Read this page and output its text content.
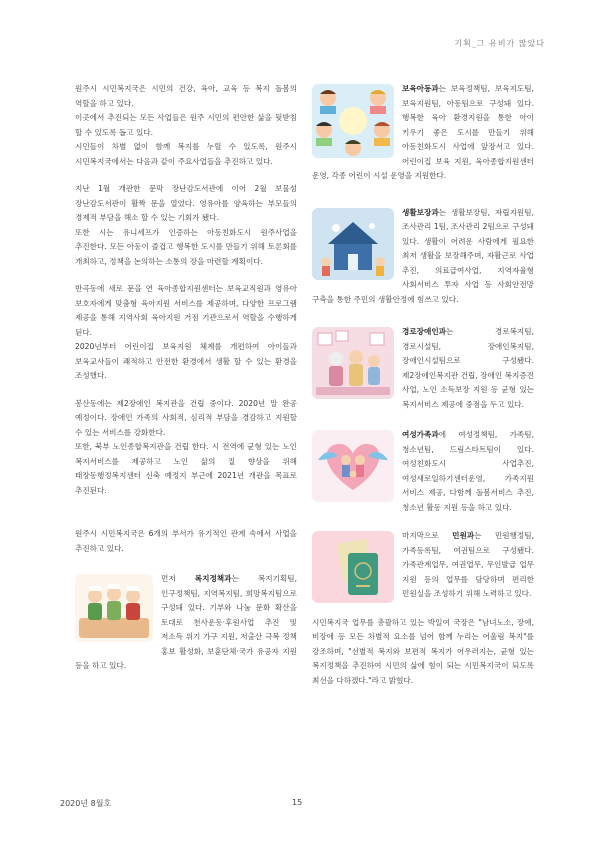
기획_그 유비가 많았다

원주시 시민복지국은 시민의 건강, 육아, 교육 등 복지 돌봄의 역할을 하고 있다.

이곳에서 추진되는 모든 사업들은 원주 시민의 편안한 삶을 뒷받침 할 수 있도록 돕고 있다.

시민들이 차별 없이 함께 복지를 누릴 수 있도록, 원주시 시민복지국에서는 다음과 같이 주요사업들을 추진하고 있다.

지난 1월 개관한 문막 장난감도서관에 이어 2월 보물섬 장난감도서관이 활짝 문을 열었다. 영유아를 양육하는 부모들의 경제적 부담을 해소 할 수 있는 기회가 됐다.

또한 시는 유니세프가 인증하는 아동친화도시 원주사업을 추진한다. 모든 아동이 즐겁고 행복한 도시를 만들기 위해 토론회를 개최하고, 정책을 논의하는 소통의 장을 마련할 계획이다.

반곡동에 새로 문을 연 육아종합지원센터는 보육교직원과 영유아 보호자에게 맞춤형 육아지원 서비스를 제공하며, 다양한 프로그램 제공을 통해 지역사회 육아지원 거점 기관으로서 역할을 수행하게 된다.

2020년부터 어린이집 보육지원 체계를 개편하여 아이들과 보육교사들이 쾌적하고 안전한 환경에서 생활 할 수 있는 환경을 조성했다.

봉산동에는 제2장애인 복지관을 건립 중이다. 2020년 말 완공 예정이다. 장애인 가족의 사회적, 심리적 부담을 경감하고 지원할 수 있는 서비스를 강화한다.

또한, 북부 노인종합복지관을 건립 한다. 시 전역에 균형 있는 노인 복지서비스를 제공하고 노인 삶의 질 향상을 위해 태장동행정복지센터 신축 예정지 부근에 2021년 개관을 목표로 추진된다.

원주시 시민복지국은 6개의 부서가 유기적인 관계 속에서 사업을 추진하고 있다.

먼저 복지정책과는 복지기획팀, 인구정책팀, 지역복지팀, 희망복지팀으로 구성돼 있다. 기부와 나눔 문화 확산을 토대로 천사운동·후원사업 추진 및 저소득 위기 가구 지원, 저출산 극복 정책 홍보 활성화, 보훈단체·국가 유공자 지원 등을 하고 있다.

보육아동과는 보육정책팀, 보육지도팀, 보육지원팀, 아동팀으로 구성돼 있다. 행복한 육아 환경지원을 통한 아이 키우기 좋은 도시를 만들기 위해 아동친화도시 사업에 앞장서고 있다. 어린이집 보육 지원, 육아종합지원센터 운영, 각종 어린이 시설 운영을 지원한다.

생활보장과는 생활보장팀, 자립지원팀, 조사관리 1팀, 조사관리 2팀으로 구성돼 있다. 생활이 어려운 사람에게 필요한 최저 생활을 보장해주며, 자활근로 사업 추진, 의료급여사업, 지역자율형 사회서비스 투자 사업 등 사회안전망 구축을 통한 주민의 생활안정에 힘쓰고 있다.

경로장애인과는 경로복지팀, 경로시설팀, 장애인복지팀, 장애인시설팀으로 구성됐다. 제2장애인복지관 건립, 장애인 복지증진 사업, 노인 소득보장 지원 등 균형 있는 복지서비스 제공에 중점을 두고 있다.

여성가족과에 여성정책팀, 가족팀, 청소년팀, 드림스타트팀이 있다. 여성친화도시 사업추진, 여성새로일하기센터운영, 가족지원 서비스 제공, 다함께 돌봄서비스 추진, 청소년 활동 지원 등을 하고 있다.

마지막으로 민원과는 민원행정팀, 가족등록팀, 여권팀으로 구성됐다. 가족관계업무, 여권업무, 무인발급 업무 지원 등의 업무를 담당하며 편리한 민원실을 조성하기 위해 노력하고 있다.

시민복지국 업무를 총괄하고 있는 박일여 국장은 "남녀노소, 장애, 비장애 등 모든 차별적 요소를 넘어 함께 누리는 어울림 복지"를 강조하며, "선별적 복지와 보편적 복지가 어우러지는, 균형 있는 복지정책을 추진하여 시민의 삶에 힘이 되는 시민복지국이 되도록 최선을 다하겠다."라고 밝혔다.

2020년 8월호	15
